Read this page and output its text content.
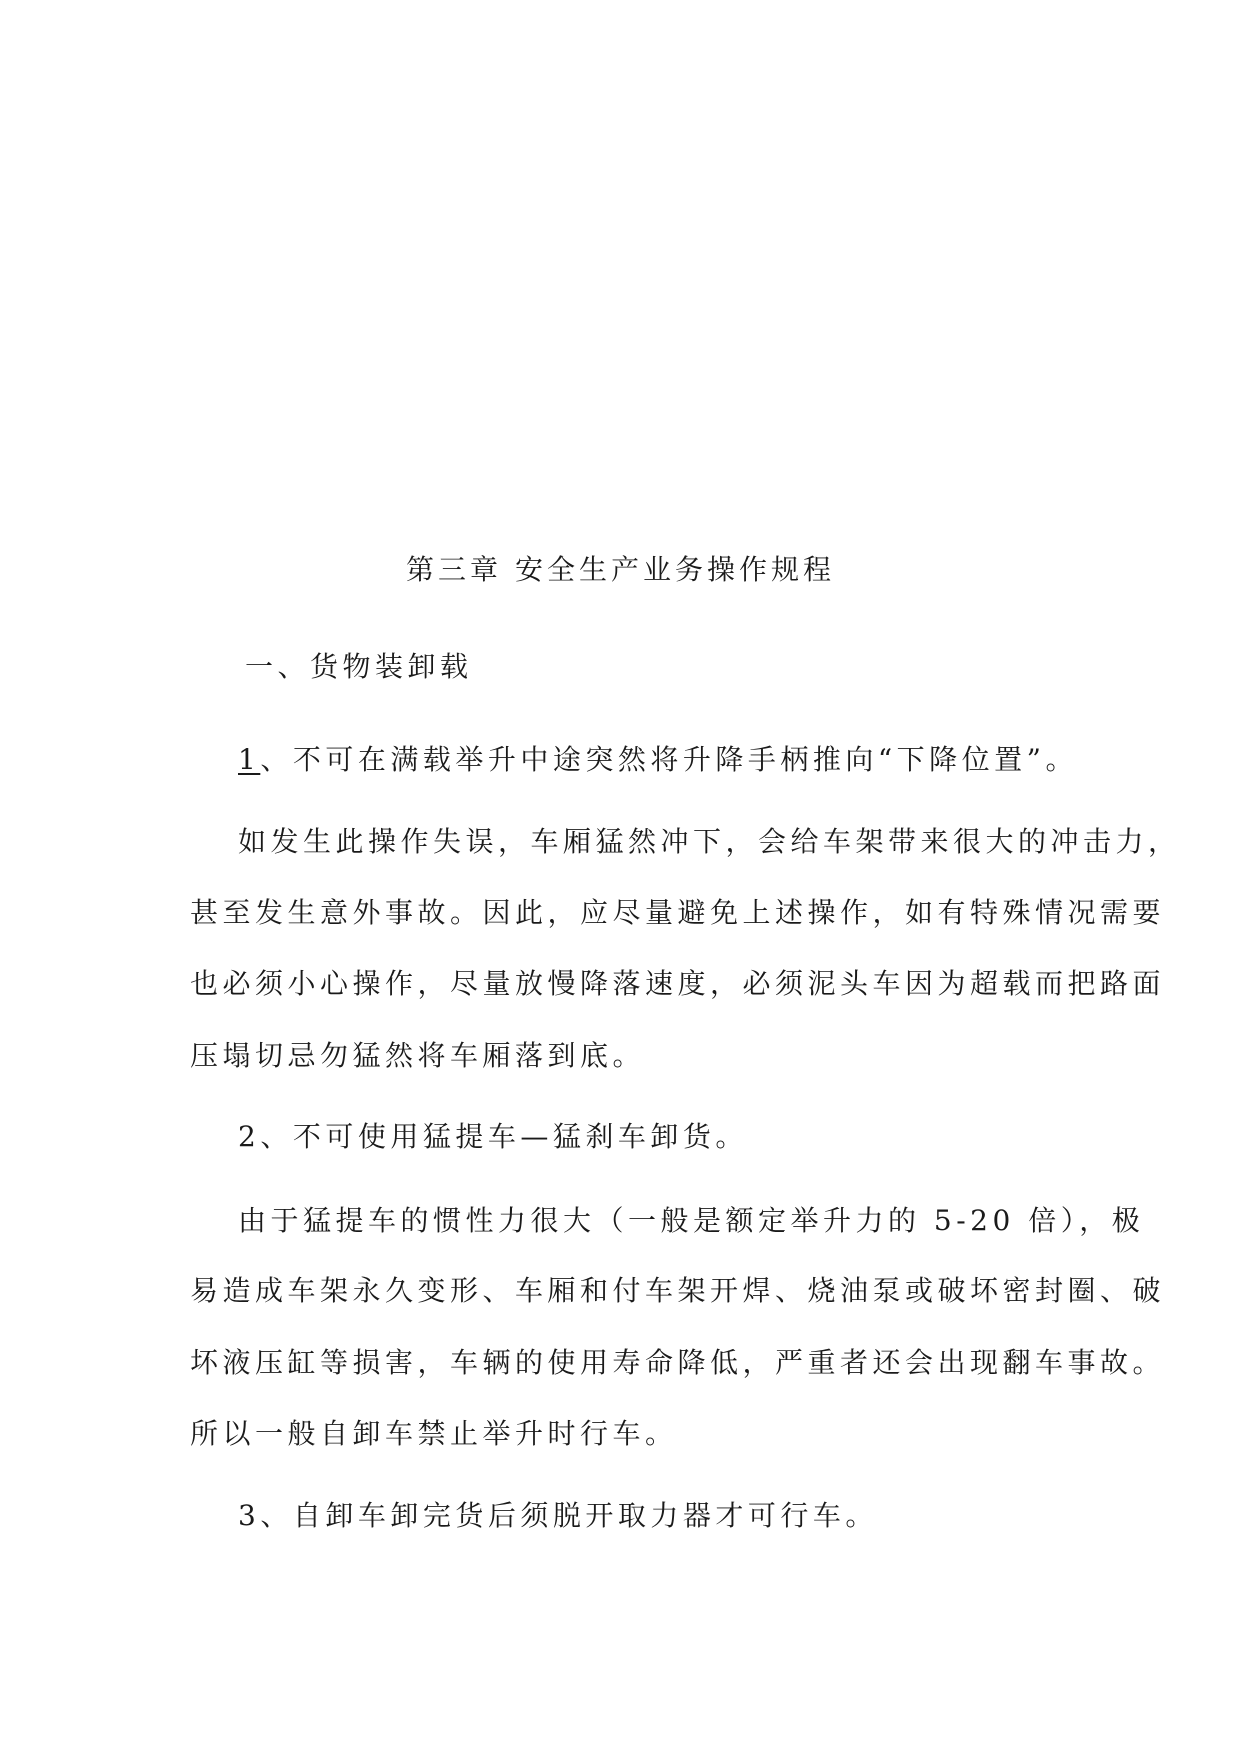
第三章 安全生产业务操作规程
一、货物装卸载
1、不可在满载举升中途突然将升降手柄推向“下降位置”。
如发生此操作失误，车厢猛然冲下，会给车架带来很大的冲击力，
甚至发生意外事故。因此，应尽量避免上述操作，如有特殊情况需要
也必须小心操作，尽量放慢降落速度，必须泥头车因为超载而把路面
压塌切忌勿猛然将车厢落到底。
2、不可使用猛提车—猛刹车卸货。
由于猛提车的惯性力很大（一般是额定举升力的 5-20 倍），极
易造成车架永久变形、车厢和付车架开焊、烧油泵或破坏密封圈、破
坏液压缸等损害，车辆的使用寿命降低，严重者还会出现翻车事故。
所以一般自卸车禁止举升时行车。
3、自卸车卸完货后须脱开取力器才可行车。
